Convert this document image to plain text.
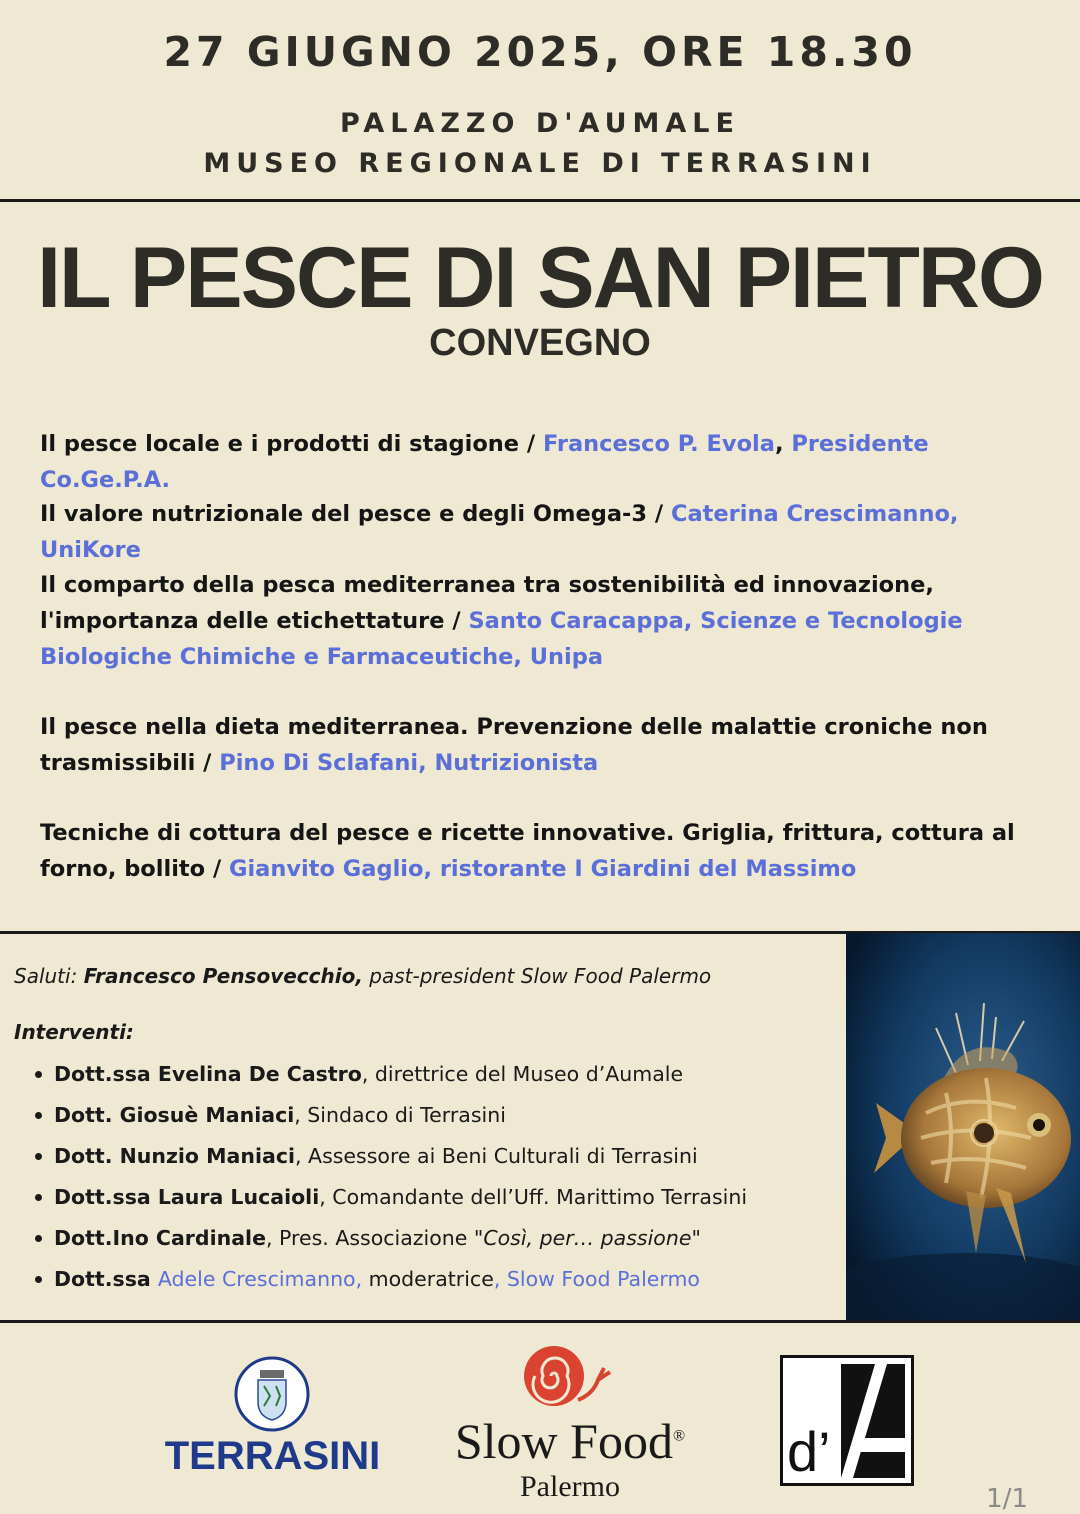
27 GIUGNO 2025, ORE 18.30
PALAZZO D'AUMALE
MUSEO REGIONALE DI TERRASINI
IL PESCE DI SAN PIETRO
CONVEGNO
Il pesce locale e i prodotti di stagione / Francesco P. Evola, Presidente Co.Ge.P.A.
Il valore nutrizionale del pesce e degli Omega-3 / Caterina Crescimanno, UniKore
Il comparto della pesca mediterranea tra sostenibilità ed innovazione, l'importanza delle etichettature / Santo Caracappa, Scienze e Tecnologie Biologiche Chimiche e Farmaceutiche, Unipa
Il pesce nella dieta mediterranea. Prevenzione delle malattie croniche non trasmissibili / Pino Di Sclafani, Nutrizionista
Tecniche di cottura del pesce e ricette innovative. Griglia, frittura, cottura al forno, bollito / Gianvito Gaglio, ristorante I Giardini del Massimo
Saluti: Francesco Pensovecchio, past-president Slow Food Palermo
Interventi:
Dott.ssa Evelina De Castro, direttrice del Museo d’Aumale
Dott. Giosuè Maniaci, Sindaco di Terrasini
Dott. Nunzio Maniaci, Assessore ai Beni Culturali di Terrasini
Dott.ssa Laura Lucaioli, Comandante dell’Uff. Marittimo Terrasini
Dott.Ino Cardinale, Pres. Associazione "Così, per… passione"
Dott.ssa Adele Crescimanno, moderatrice, Slow Food Palermo
TERRASINI	Slow Food®
Palermo
d’
1/1
